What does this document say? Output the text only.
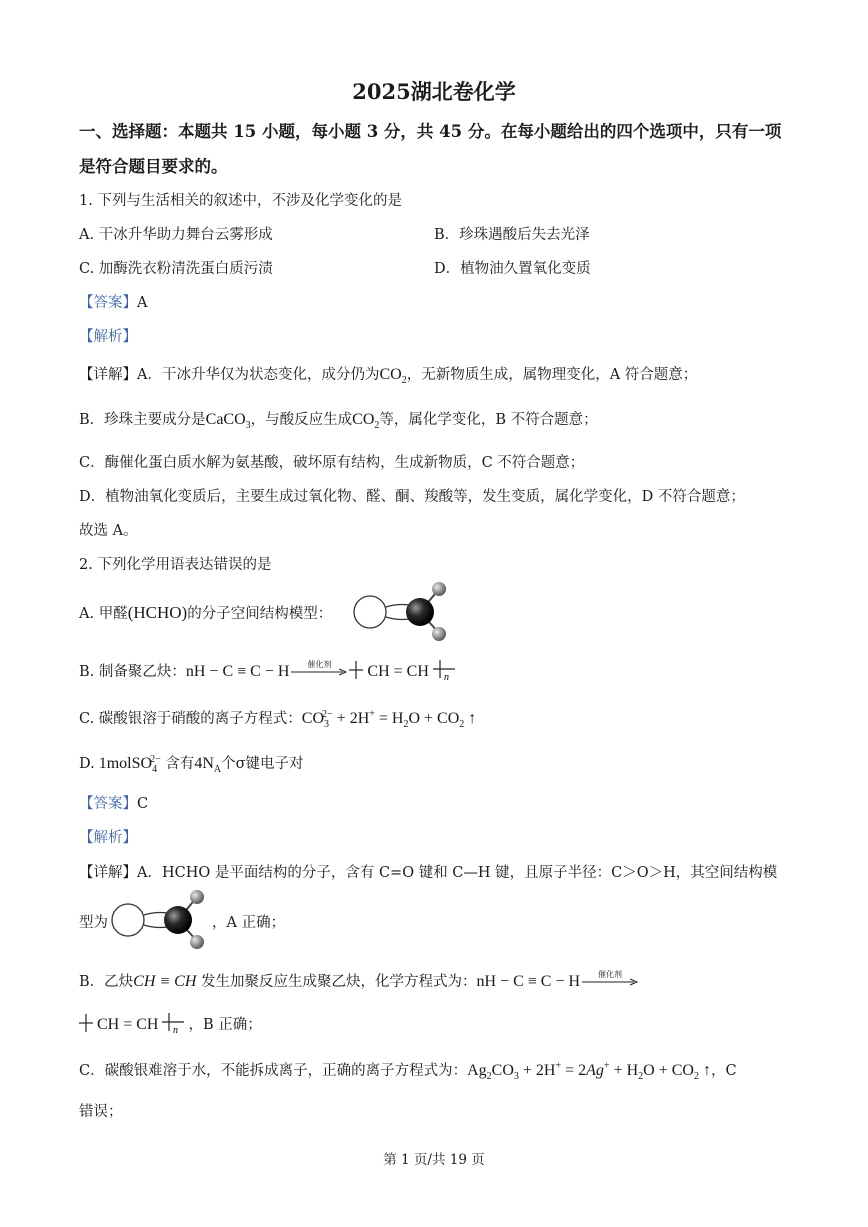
2025湖北卷化学
一、选择题：本题共 15 小题，每小题 3 分，共 45 分。在每小题给出的四个选项中，只有一项
是符合题目要求的。
1. 下列与生活相关的叙述中，不涉及化学变化的是
A. 干冰升华助力舞台云雾形成	B．珍珠遇酸后失去光泽
C. 加酶洗衣粉清洗蛋白质污渍	D．植物油久置氧化变质
【答案】A
【解析】
【详解】A．干冰升华仅为状态变化，成分仍为$CO_2$，无新物质生成，属物理变化，A 符合题意；
B．珍珠主要成分是CaCO$_3$，与酸反应生成$CO_2$等，属化学变化，B 不符合题意；
C．酶催化蛋白质水解为氨基酸，破坏原有结构，生成新物质，C 不符合题意；
D．植物油氧化变质后，主要生成过氧化物、醛、酮、羧酸等，发生变质，属化学变化，D 不符合题意；
故选 A。
2. 下列化学用语表达错误的是
A. 甲醛(HCHO)的分子空间结构模型：
B. 制备聚乙炔：nH − C ≡ C − H	催化剂	CH = CH n
C. 碳酸银溶于硝酸的离子方程式：$CO_3^{2-} + 2H^+ = H_2O + CO_2$ ↑
D. 1molSO$_4^{2-}$ 含有$4N_A$个σ键电子对
【答案】C
【解析】
【详解】A．HCHO 是平面结构的分子，含有 C=O 键和 C—H 键，且原子半径：C＞O＞H，其空间结构模
型为	，A 正确；
B．乙炔CH ≡ CH 发生加聚反应生成聚乙炔，化学方程式为：nH − C ≡ C − H	催化剂
CH = CH n ，B 正确；
C．碳酸银难溶于水，不能拆成离子，正确的离子方程式为：$Ag_2CO_3 + 2H^+ = 2Ag^+ + H_2O + CO_2$ ↑，C
错误；
第 1 页/共 19 页
